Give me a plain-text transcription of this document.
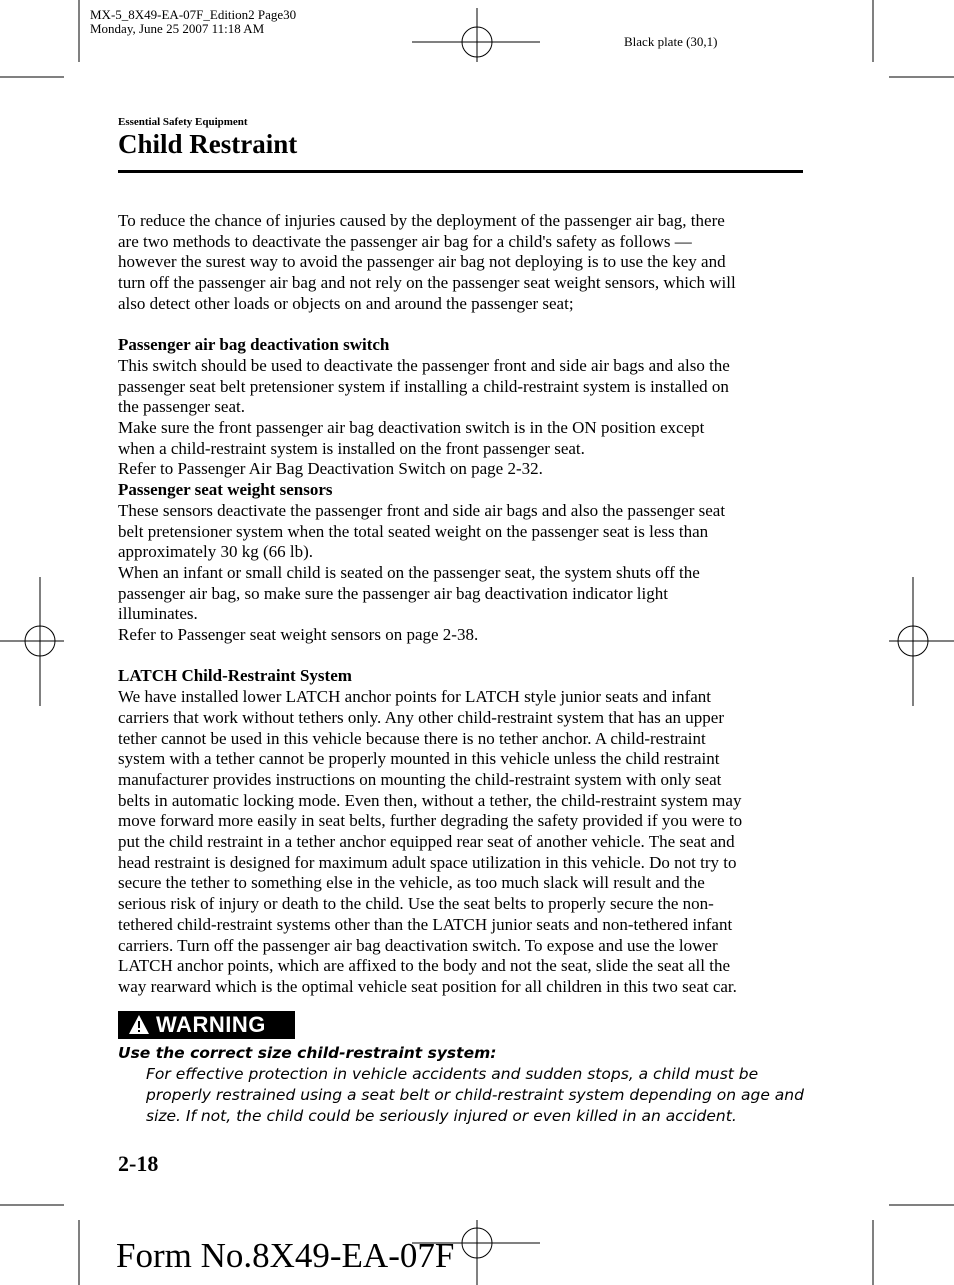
MX-5_8X49-EA-07F_Edition2 Page30
Monday, June 25 2007 11:18 AM
Black plate (30,1)
Essential Safety Equipment
Child Restraint

To reduce the chance of injuries caused by the deployment of the passenger air bag, there

are two methods to deactivate the passenger air bag for a child's safety as follows ―

however the surest way to avoid the passenger air bag not deploying is to use the key and

turn off the passenger air bag and not rely on the passenger seat weight sensors, which will

also detect other loads or objects on and around the passenger seat;

Passenger air bag deactivation switch

This switch should be used to deactivate the passenger front and side air bags and also the

passenger seat belt pretensioner system if installing a child-restraint system is installed on

the passenger seat.

Make sure the front passenger air bag deactivation switch is in the ON position except

when a child-restraint system is installed on the front passenger seat.

Refer to Passenger Air Bag Deactivation Switch on page 2-32.

Passenger seat weight sensors

These sensors deactivate the passenger front and side air bags and also the passenger seat

belt pretensioner system when the total seated weight on the passenger seat is less than

approximately 30 kg (66 lb).

When an infant or small child is seated on the passenger seat, the system shuts off the

passenger air bag, so make sure the passenger air bag deactivation indicator light

illuminates.

Refer to Passenger seat weight sensors on page 2-38.

LATCH Child-Restraint System

We have installed lower LATCH anchor points for LATCH style junior seats and infant

carriers that work without tethers only. Any other child-restraint system that has an upper

tether cannot be used in this vehicle because there is no tether anchor. A child-restraint

system with a tether cannot be properly mounted in this vehicle unless the child restraint

manufacturer provides instructions on mounting the child-restraint system with only seat

belts in automatic locking mode. Even then, without a tether, the child-restraint system may

move forward more easily in seat belts, further degrading the safety provided if you were to

put the child restraint in a tether anchor equipped rear seat of another vehicle. The seat and

head restraint is designed for maximum adult space utilization in this vehicle. Do not try to

secure the tether to something else in the vehicle, as too much slack will result and the

serious risk of injury or death to the child. Use the seat belts to properly secure the non-

tethered child-restraint systems other than the LATCH junior seats and non-tethered infant

carriers. Turn off the passenger air bag deactivation switch. To expose and use the lower

LATCH anchor points, which are affixed to the body and not the seat, slide the seat all the

way rearward which is the optimal vehicle seat position for all children in this two seat car.

WARNING
Use the correct size child-restraint system:
For effective protection in vehicle accidents and sudden stops, a child must be
properly restrained using a seat belt or child-restraint system depending on age and
size. If not, the child could be seriously injured or even killed in an accident.
2-18
Form No.8X49-EA-07F
